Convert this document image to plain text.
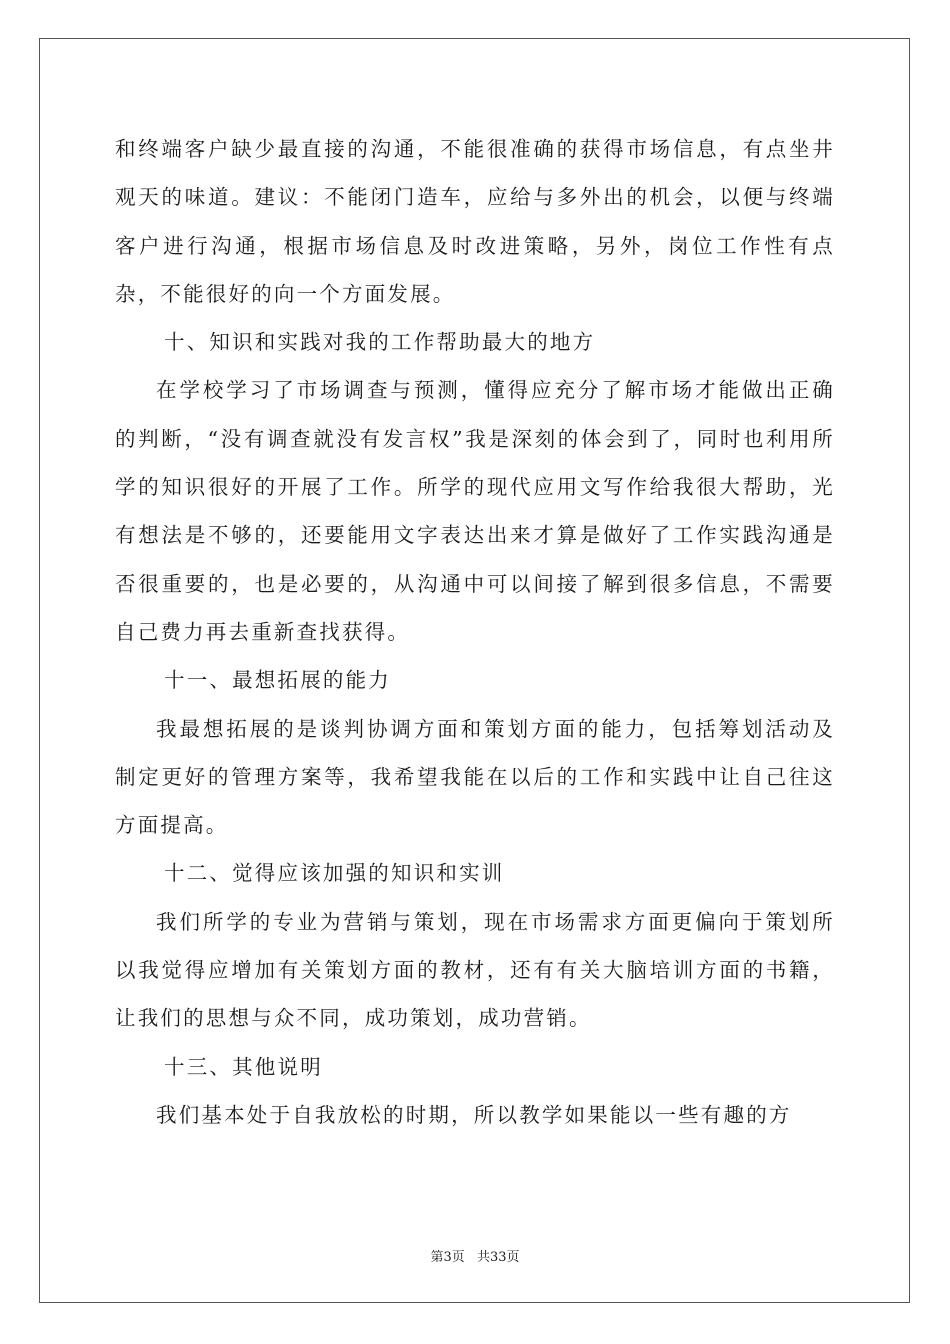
和终端客户缺少最直接的沟通，不能很准确的获得市场信息，有点坐井观天的味道。建议：不能闭门造车，应给与多外出的机会，以便与终端客户进行沟通，根据市场信息及时改进策略，另外，岗位工作性有点杂，不能很好的向一个方面发展。

十、知识和实践对我的工作帮助最大的地方

在学校学习了市场调查与预测，懂得应充分了解市场才能做出正确的判断，“没有调查就没有发言权”我是深刻的体会到了，同时也利用所学的知识很好的开展了工作。所学的现代应用文写作给我很大帮助，光有想法是不够的，还要能用文字表达出来才算是做好了工作实践沟通是否很重要的，也是必要的，从沟通中可以间接了解到很多信息，不需要自己费力再去重新查找获得。

十一、最想拓展的能力

我最想拓展的是谈判协调方面和策划方面的能力，包括筹划活动及制定更好的管理方案等，我希望我能在以后的工作和实践中让自己往这方面提高。

十二、觉得应该加强的知识和实训

我们所学的专业为营销与策划，现在市场需求方面更偏向于策划所以我觉得应增加有关策划方面的教材，还有有关大脑培训方面的书籍，让我们的思想与众不同，成功策划，成功营销。

十三、其他说明

我们基本处于自我放松的时期，所以教学如果能以一些有趣的方

第3页 共33页
